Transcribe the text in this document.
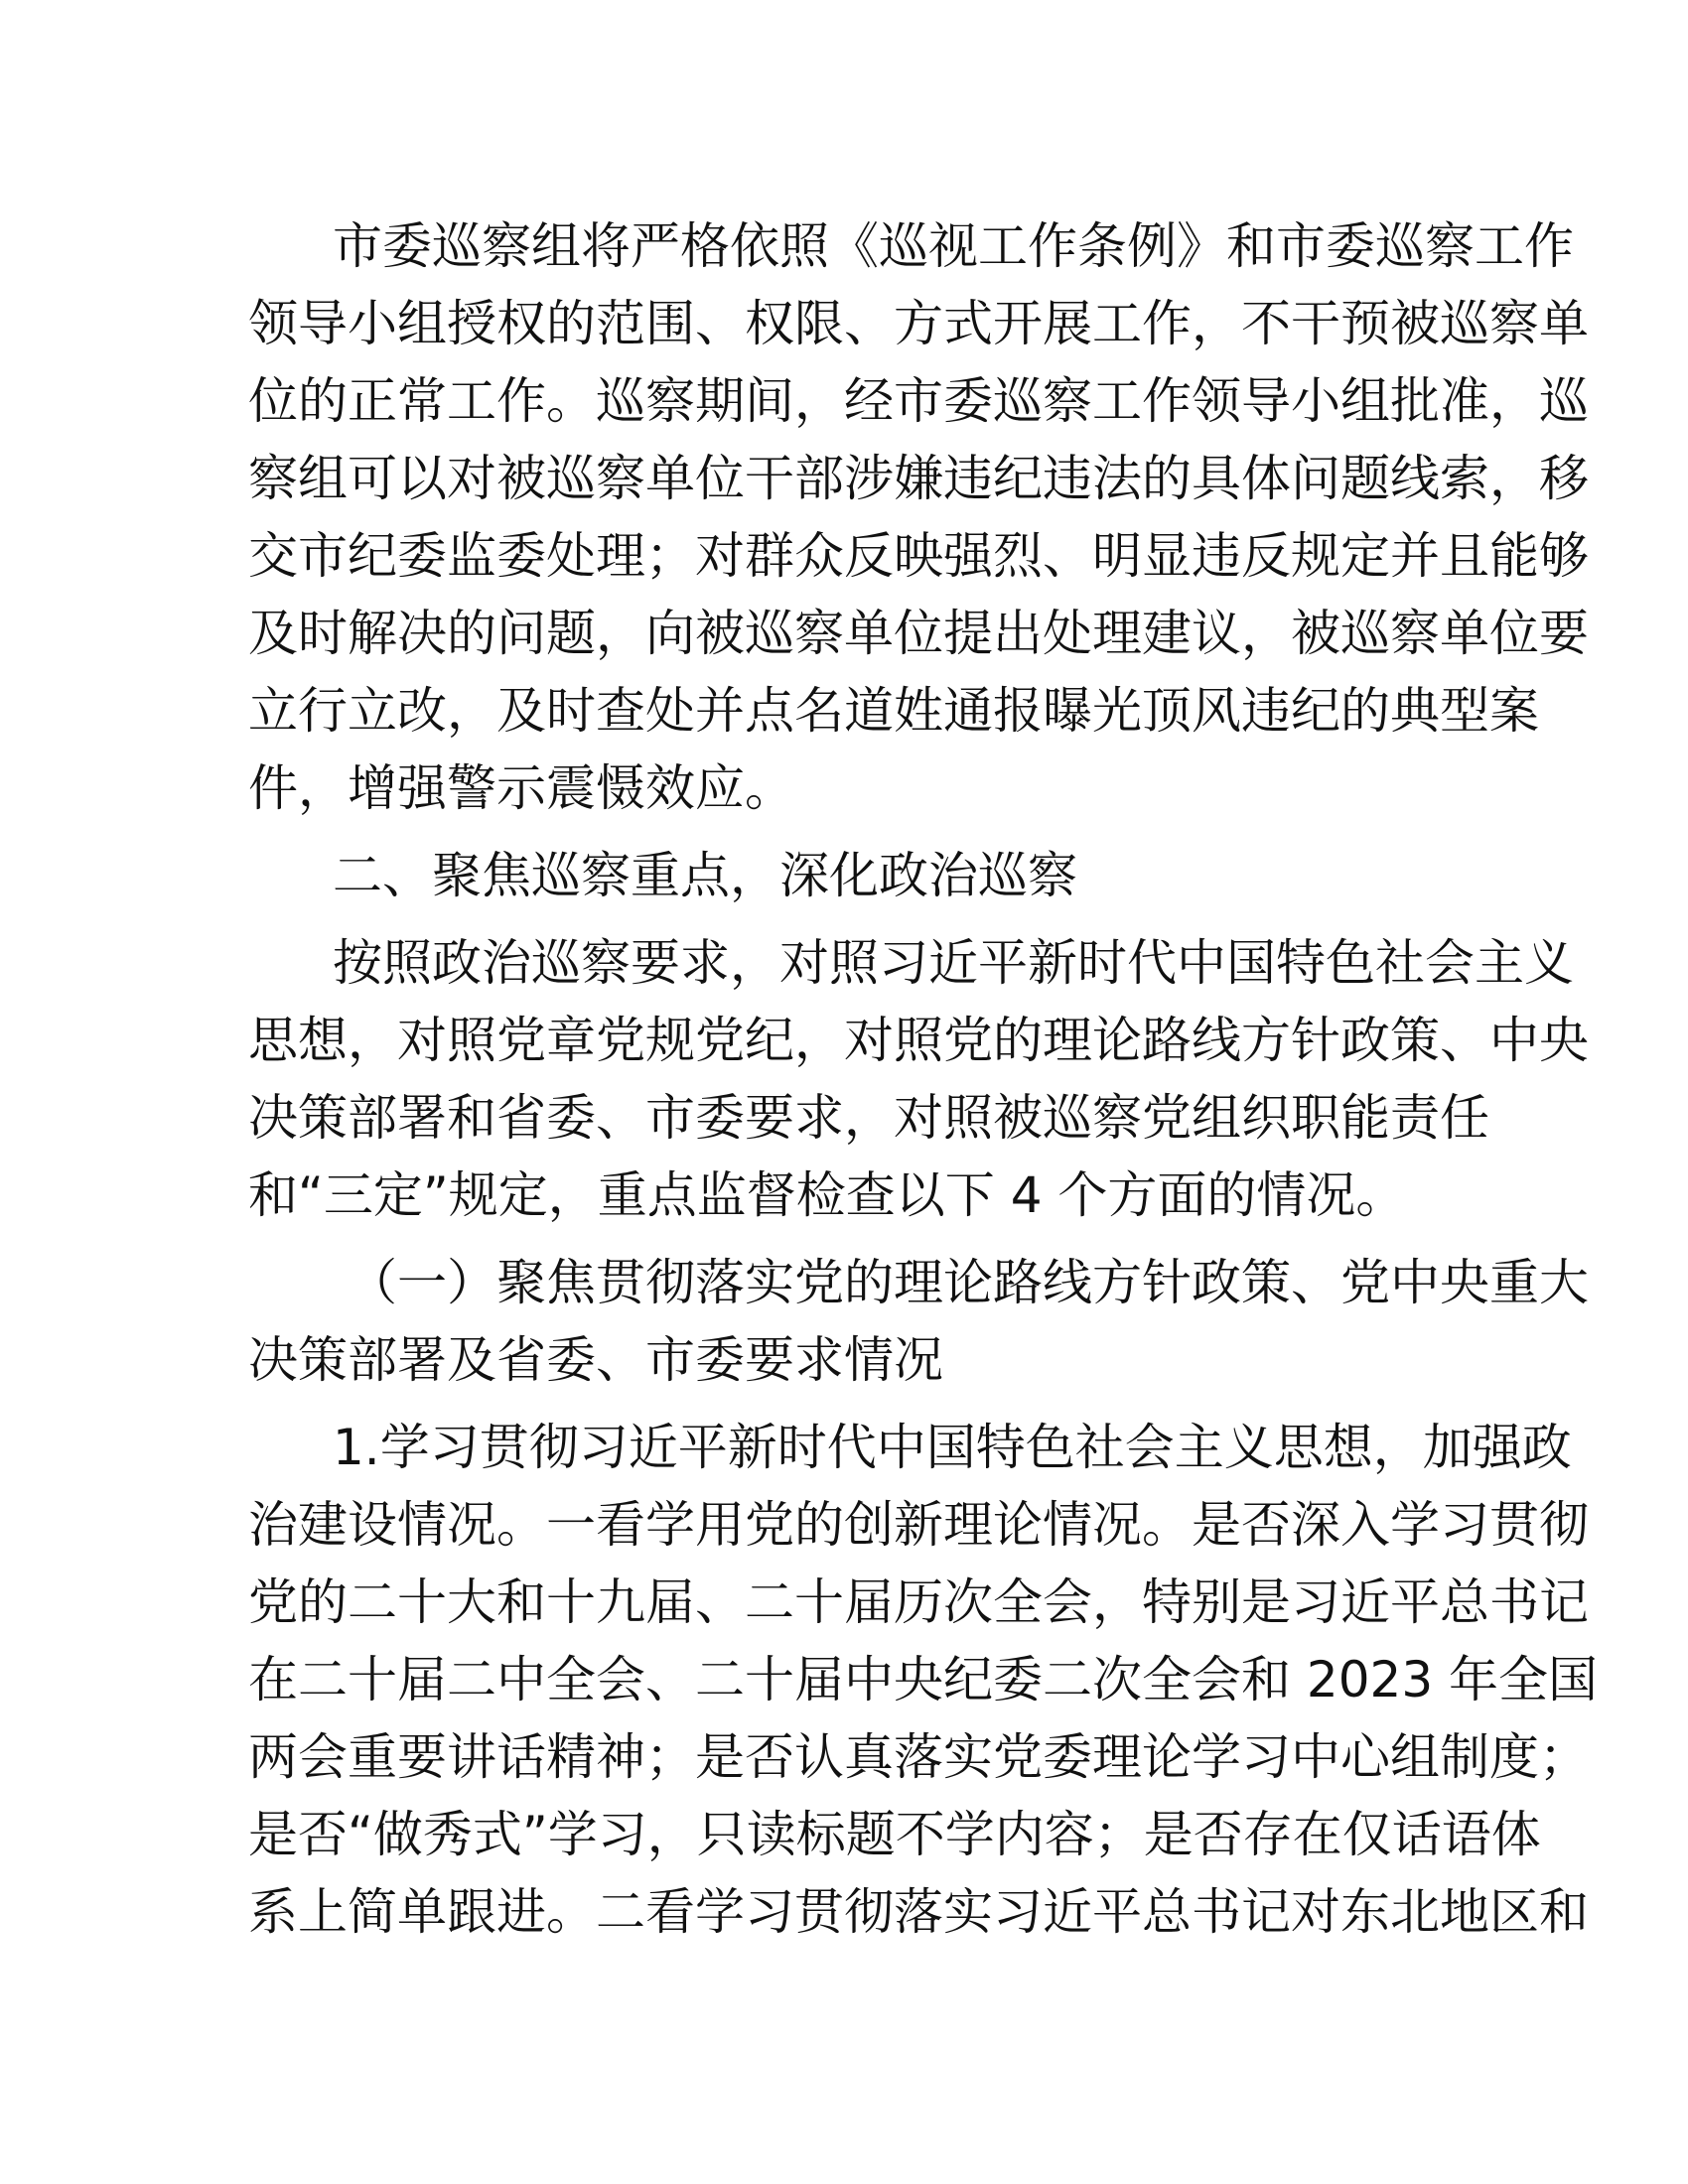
市委巡察组将严格依照《巡视工作条例》和市委巡察工作
领导小组授权的范围、权限、方式开展工作，不干预被巡察单
位的正常工作。巡察期间，经市委巡察工作领导小组批准，巡
察组可以对被巡察单位干部涉嫌违纪违法的具体问题线索，移
交市纪委监委处理；对群众反映强烈、明显违反规定并且能够
及时解决的问题，向被巡察单位提出处理建议，被巡察单位要
立行立改，及时查处并点名道姓通报曝光顶风违纪的典型案
件，增强警示震慑效应。
二、聚焦巡察重点，深化政治巡察
按照政治巡察要求，对照习近平新时代中国特色社会主义
思想，对照党章党规党纪，对照党的理论路线方针政策、中央
决策部署和省委、市委要求，对照被巡察党组织职能责任
和“三定”规定，重点监督检查以下 4 个方面的情况。
（一）聚焦贯彻落实党的理论路线方针政策、党中央重大
决策部署及省委、市委要求情况
1.学习贯彻习近平新时代中国特色社会主义思想，加强政
治建设情况。一看学用党的创新理论情况。是否深入学习贯彻
党的二十大和十九届、二十届历次全会，特别是习近平总书记
在二十届二中全会、二十届中央纪委二次全会和 2023 年全国
两会重要讲话精神；是否认真落实党委理论学习中心组制度；
是否“做秀式”学习，只读标题不学内容；是否存在仅话语体
系上简单跟进。二看学习贯彻落实习近平总书记对东北地区和
